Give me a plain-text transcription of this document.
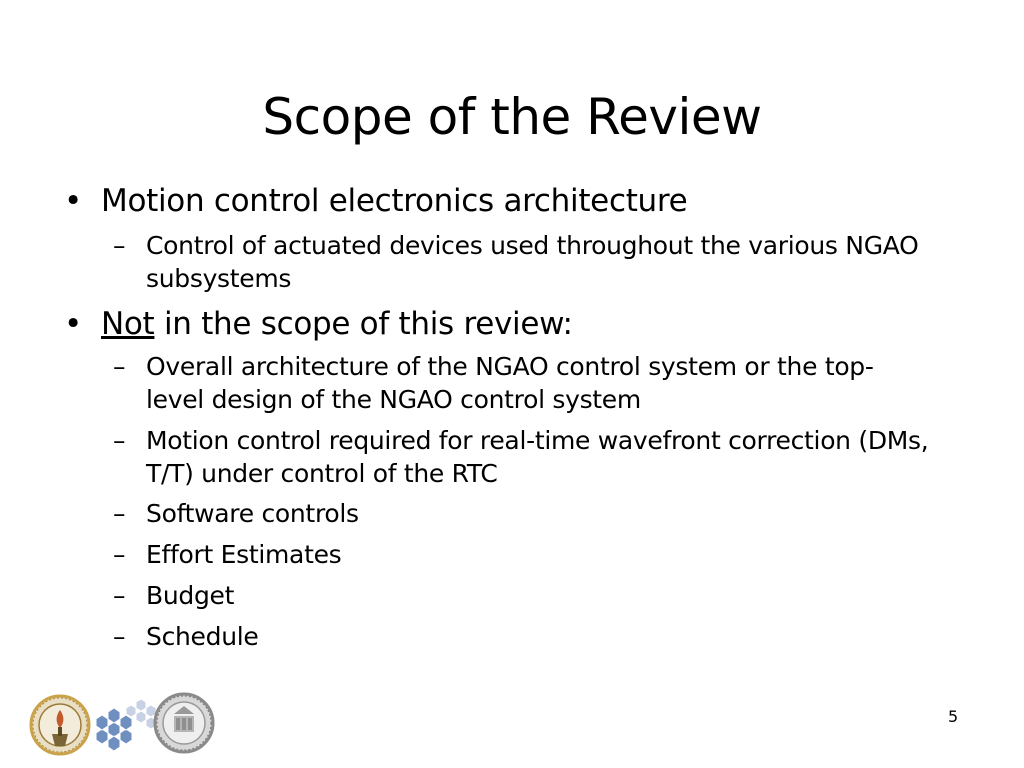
Scope of the Review
• Motion control electronics architecture
– Control of actuated devices used throughout the various NGAO subsystems
• Not in the scope of this review:
– Overall architecture of the NGAO control system or the top-level design of the NGAO control system
– Motion control required for real-time wavefront correction (DMs, T/T) under control of the RTC
– Software controls
– Effort Estimates
– Budget
– Schedule
5
